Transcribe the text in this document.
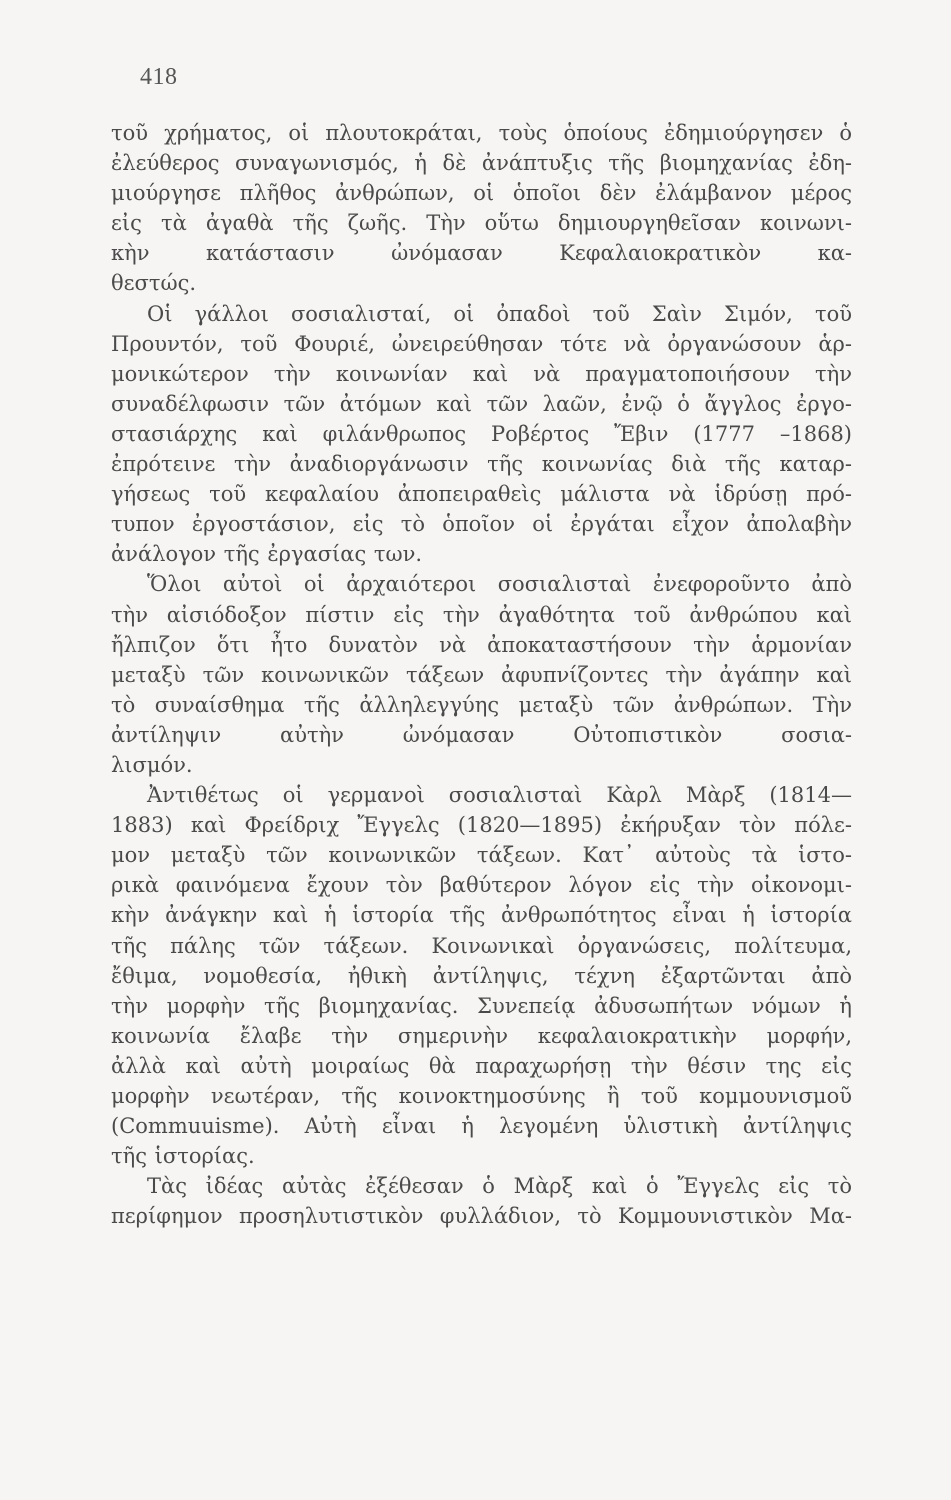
418
τοῦ χρήματος, οἱ πλουτοκράται, τοὺς ὁποίους ἐδημιούργησεν ὁ
ἐλεύθερος συναγωνισμός, ἡ δὲ ἀνάπτυξις τῆς βιομηχανίας ἐδη-
μιούργησε πλῆθος ἀνθρώπων, οἱ ὁποῖοι δὲν ἐλάμβανον μέρος
εἰς τὰ ἀγαθὰ τῆς ζωῆς. Τὴν οὕτω δημιουργηθεῖσαν κοινωνι-
κὴν κατάστασιν ὠνόμασαν Κεφαλαιοκρατικὸν κα-
θεστώς.
Οἱ γάλλοι σοσιαλισταί, οἱ ὀπαδοὶ τοῦ Σαὶν Σιμόν, τοῦ
Προυντόν, τοῦ Φουριέ, ὠνειρεύθησαν τότε νὰ ὀργανώσουν ἁρ-
μονικώτερον τὴν κοινωνίαν καὶ νὰ πραγματοποιήσουν τὴν
συναδέλφωσιν τῶν ἀτόμων καὶ τῶν λαῶν, ἐνῷ ὁ ἄγγλος ἐργο-
στασιάρχης καὶ φιλάνθρωπος Ροβέρτος Ἔβιν (1777 –1868)
ἐπρότεινε τὴν ἀναδιοργάνωσιν τῆς κοινωνίας διὰ τῆς καταρ-
γήσεως τοῦ κεφαλαίου ἀποπειραθεὶς μάλιστα νὰ ἱδρύσῃ πρό-
τυπον ἐργοστάσιον, εἰς τὸ ὁποῖον οἱ ἐργάται εἶχον ἀπολαβὴν
ἀνάλογον τῆς ἐργασίας των.
Ὅλοι αὐτοὶ οἱ ἀρχαιότεροι σοσιαλισταὶ ἐνεφοροῦντο ἀπὸ
τὴν αἰσιόδοξον πίστιν εἰς τὴν ἀγαθότητα τοῦ ἀνθρώπου καὶ
ἤλπιζον ὅτι ἦτο δυνατὸν νὰ ἀποκαταστήσουν τὴν ἁρμονίαν
μεταξὺ τῶν κοινωνικῶν τάξεων ἀφυπνίζοντες τὴν ἀγάπην καὶ
τὸ συναίσθημα τῆς ἀλληλεγγύης μεταξὺ τῶν ἀνθρώπων. Τὴν
ἀντίληψιν αὐτὴν ὠνόμασαν Οὐτοπιστικὸν σοσια-
λισμόν.
Ἀντιθέτως οἱ γερμανοὶ σοσιαλισταὶ Κὰρλ Μὰρξ (1814—
1883) καὶ Φρείδριχ Ἔγγελς (1820—1895) ἐκήρυξαν τὸν πόλε-
μον μεταξὺ τῶν κοινωνικῶν τάξεων. Κατ᾽ αὐτοὺς τὰ ἱστο-
ρικὰ φαινόμενα ἔχουν τὸν βαθύτερον λόγον εἰς τὴν οἰκονομι-
κὴν ἀνάγκην καὶ ἡ ἱστορία τῆς ἀνθρωπότητος εἶναι ἡ ἱστορία
τῆς πάλης τῶν τάξεων. Κοινωνικαὶ ὀργανώσεις, πολίτευμα,
ἔθιμα, νομοθεσία, ἠθικὴ ἀντίληψις, τέχνη ἐξαρτῶνται ἀπὸ
τὴν μορφὴν τῆς βιομηχανίας. Συνεπείᾳ ἀδυσωπήτων νόμων ἡ
κοινωνία ἔλαβε τὴν σημερινὴν κεφαλαιοκρατικὴν μορφήν,
ἀλλὰ καὶ αὐτὴ μοιραίως θὰ παραχωρήσῃ τὴν θέσιν της εἰς
μορφὴν νεωτέραν, τῆς κοινοκτημοσύνης ἢ τοῦ κομμουνισμοῦ
(Commuuisme). Αὐτὴ εἶναι ἡ λεγομένη ὑλιστικὴ ἀντίληψις
τῆς ἱστορίας.
Τὰς ἰδέας αὐτὰς ἐξέθεσαν ὁ Μὰρξ καὶ ὁ Ἔγγελς εἰς τὸ
περίφημον προσηλυτιστικὸν φυλλάδιον, τὸ Κομμουνιστικὸν Μα-
